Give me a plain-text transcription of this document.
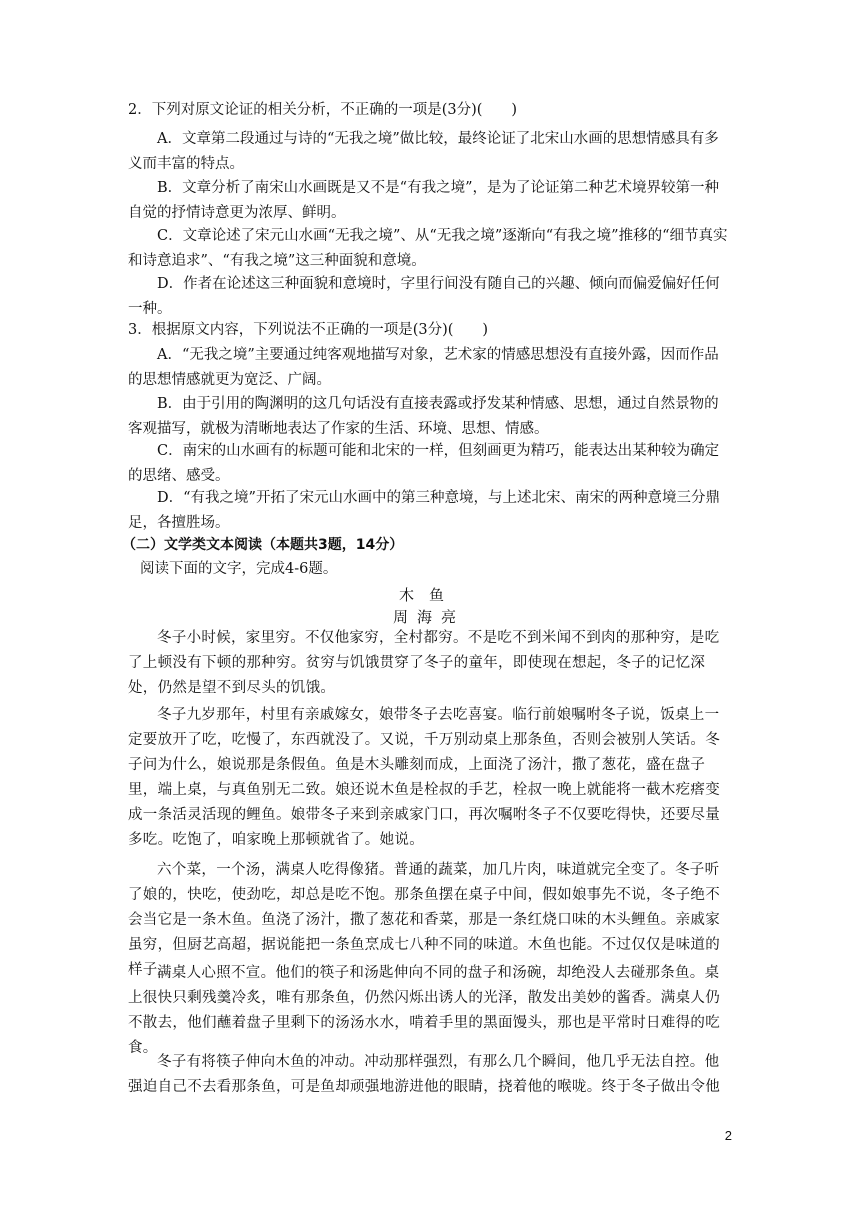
2．下列对原文论证的相关分析，不正确的一项是(3分)(　　)

A．文章第二段通过与诗的“无我之境”做比较，最终论证了北宋山水画的思想情感具有多义而丰富的特点。

B．文章分析了南宋山水画既是又不是“有我之境”，是为了论证第二种艺术境界较第一种自觉的抒情诗意更为浓厚、鲜明。

C．文章论述了宋元山水画“无我之境”、从“无我之境”逐渐向“有我之境”推移的“细节真实和诗意追求”、“有我之境”这三种面貌和意境。

D．作者在论述这三种面貌和意境时，字里行间没有随自己的兴趣、倾向而偏爱偏好任何一种。

3．根据原文内容，下列说法不正确的一项是(3分)(　　)

A．“无我之境”主要通过纯客观地描写对象，艺术家的情感思想没有直接外露，因而作品的思想情感就更为宽泛、广阔。

B．由于引用的陶渊明的这几句话没有直接表露或抒发某种情感、思想，通过自然景物的客观描写，就极为清晰地表达了作家的生活、环境、思想、情感。

C．南宋的山水画有的标题可能和北宋的一样，但刻画更为精巧，能表达出某种较为确定的思绪、感受。

D．“有我之境”开拓了宋元山水画中的第三种意境，与上述北宋、南宋的两种意境三分鼎足，各擅胜场。

（二）文学类文本阅读（本题共3题，14分）

阅读下面的文字，完成4-6题。

木鱼
周海亮

冬子小时候，家里穷。不仅他家穷，全村都穷。不是吃不到米闻不到肉的那种穷，是吃了上顿没有下顿的那种穷。贫穷与饥饿贯穿了冬子的童年，即使现在想起，冬子的记忆深处，仍然是望不到尽头的饥饿。

冬子九岁那年，村里有亲戚嫁女，娘带冬子去吃喜宴。临行前娘嘱咐冬子说，饭桌上一定要放开了吃，吃慢了，东西就没了。又说，千万别动桌上那条鱼，否则会被别人笑话。冬子问为什么，娘说那是条假鱼。鱼是木头雕刻而成，上面浇了汤汁，撒了葱花，盛在盘子里，端上桌，与真鱼别无二致。娘还说木鱼是栓叔的手艺，栓叔一晚上就能将一截木疙瘩变成一条活灵活现的鲤鱼。娘带冬子来到亲戚家门口，再次嘱咐冬子不仅要吃得快，还要尽量多吃。吃饱了，咱家晚上那顿就省了。她说。

六个菜，一个汤，满桌人吃得像猪。普通的蔬菜，加几片肉，味道就完全变了。冬子听了娘的，快吃，使劲吃，却总是吃不饱。那条鱼摆在桌子中间，假如娘事先不说，冬子绝不会当它是一条木鱼。鱼浇了汤汁，撒了葱花和香菜，那是一条红烧口味的木头鲤鱼。亲戚家虽穷，但厨艺高超，据说能把一条鱼烹成七八种不同的味道。木鱼也能。不过仅仅是味道的样子。

满桌人心照不宣。他们的筷子和汤匙伸向不同的盘子和汤碗，却绝没人去碰那条鱼。桌上很快只剩残羹冷炙，唯有那条鱼，仍然闪烁出诱人的光泽，散发出美妙的酱香。满桌人仍不散去，他们蘸着盘子里剩下的汤汤水水，啃着手里的黑面馒头，那也是平常时日难得的吃食。

冬子有将筷子伸向木鱼的冲动。冲动那样强烈，有那么几个瞬间，他几乎无法自控。他强迫自己不去看那条鱼，可是鱼却顽强地游进他的眼睛，挠着他的喉咙。终于冬子做出令他

2
